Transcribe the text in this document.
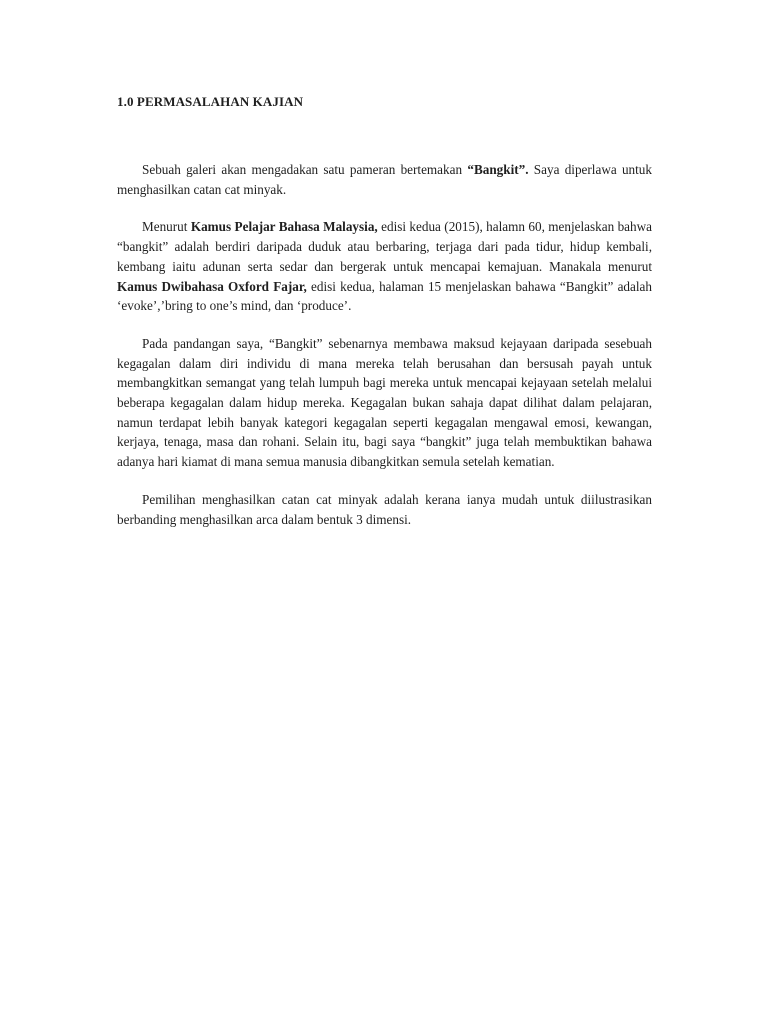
1.0 PERMASALAHAN KAJIAN

Sebuah galeri akan mengadakan satu pameran bertemakan “Bangkit”. Saya diperlawa untuk menghasilkan catan cat minyak.

Menurut Kamus Pelajar Bahasa Malaysia, edisi kedua (2015), halamn 60, menjelaskan bahwa “bangkit” adalah berdiri daripada duduk atau berbaring, terjaga dari pada tidur, hidup kembali, kembang iaitu adunan serta sedar dan bergerak untuk mencapai kemajuan. Manakala menurut Kamus Dwibahasa Oxford Fajar, edisi kedua, halaman 15 menjelaskan bahawa “Bangkit” adalah ‘evoke’,’bring to one’s mind, dan ‘produce’.

Pada pandangan saya, “Bangkit” sebenarnya membawa maksud kejayaan daripada sesebuah kegagalan dalam diri individu di mana mereka telah berusahan dan bersusah payah untuk membangkitkan semangat yang telah lumpuh bagi mereka untuk mencapai kejayaan setelah melalui beberapa kegagalan dalam hidup mereka. Kegagalan bukan sahaja dapat dilihat dalam pelajaran, namun terdapat lebih banyak kategori kegagalan seperti kegagalan mengawal emosi, kewangan, kerjaya, tenaga, masa dan rohani. Selain itu, bagi saya “bangkit” juga telah membuktikan bahawa adanya hari kiamat di mana semua manusia dibangkitkan semula setelah kematian.

Pemilihan menghasilkan catan cat minyak adalah kerana ianya mudah untuk diilustrasikan berbanding menghasilkan arca dalam bentuk 3 dimensi.
